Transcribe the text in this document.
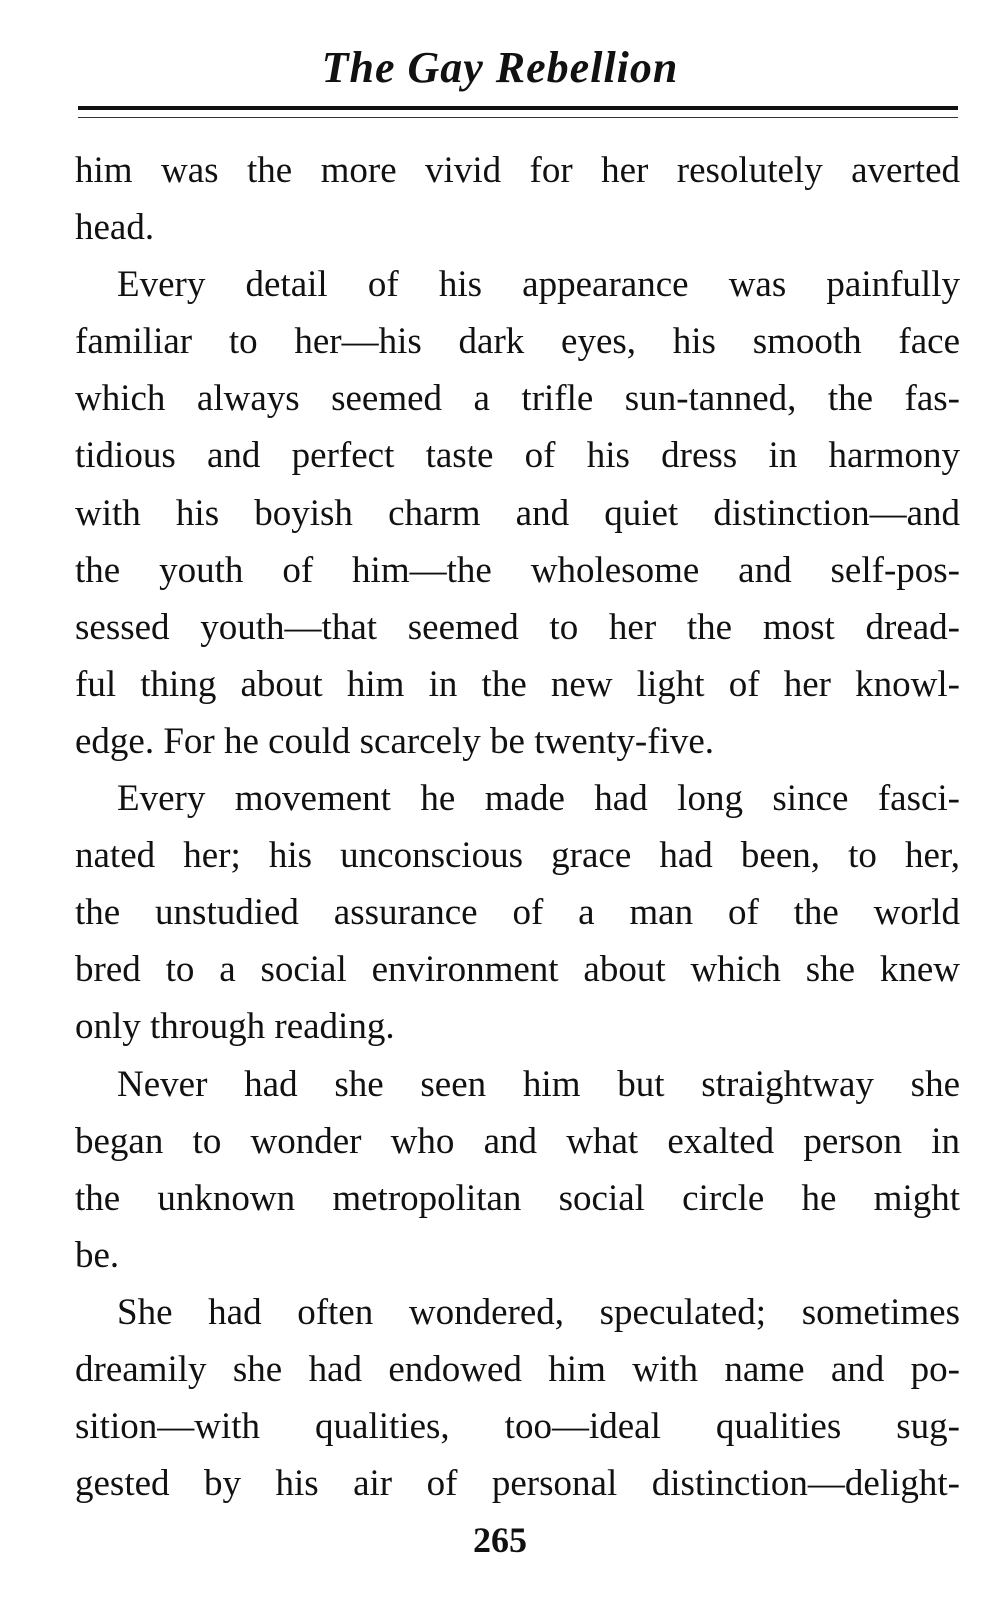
The Gay Rebellion

him was the more vivid for her resolutely averted

head.

Every detail of his appearance was painfully

familiar to her—his dark eyes, his smooth face

which always seemed a trifle sun-tanned, the fas-

tidious and perfect taste of his dress in harmony

with his boyish charm and quiet distinction—and

the youth of him—the wholesome and self-pos-

sessed youth—that seemed to her the most dread-

ful thing about him in the new light of her knowl-

edge. For he could scarcely be twenty-five.

Every movement he made had long since fasci-

nated her; his unconscious grace had been, to her,

the unstudied assurance of a man of the world

bred to a social environment about which she knew

only through reading.

Never had she seen him but straightway she

began to wonder who and what exalted person in

the unknown metropolitan social circle he might

be.

She had often wondered, speculated; sometimes

dreamily she had endowed him with name and po-

sition—with qualities, too—ideal qualities sug-

gested by his air of personal distinction—delight-

265
